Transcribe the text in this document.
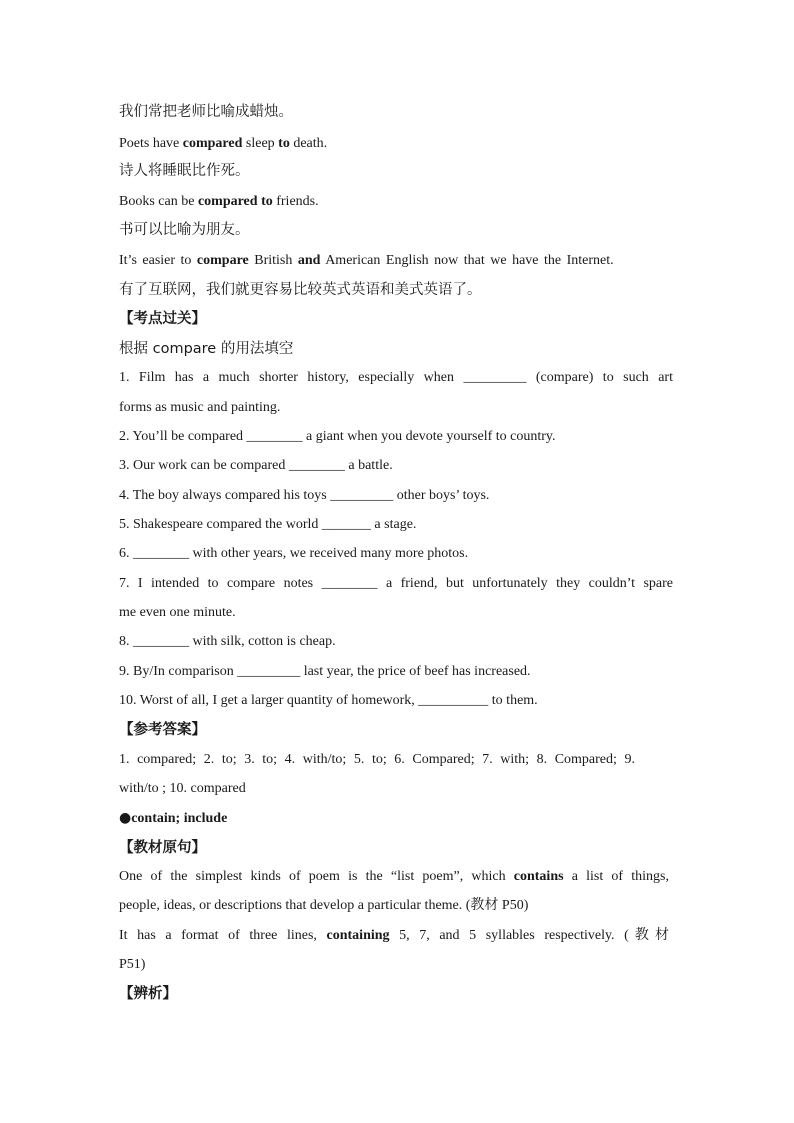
我们常把老师比喻成蜡烛。
Poets have compared sleep to death.
诗人将睡眠比作死。
Books can be compared to friends.
书可以比喻为朋友。
It’s easier to compare British and American English now that we have the Internet.
有了互联网，我们就更容易比较英式英语和美式英语了。
【考点过关】
根据 compare 的用法填空
1. Film has a much shorter history, especially when _________ (compare) to such art
forms as music and painting.
2. You’ll be compared ________ a giant when you devote yourself to country.
3. Our work can be compared ________ a battle.
4. The boy always compared his toys _________ other boys’ toys.
5. Shakespeare compared the world _______ a stage.
6. ________ with other years, we received many more photos.
7. I intended to compare notes ________ a friend, but unfortunately they couldn’t spare
me even one minute.
8. ________ with silk, cotton is cheap.
9. By/In comparison _________ last year, the price of beef has increased.
10. Worst of all, I get a larger quantity of homework, __________ to them.
【参考答案】
1. compared; 2. to; 3. to; 4. with/to; 5. to; 6. Compared; 7. with; 8. Compared; 9.
with/to ; 10. compared
●contain; include
【教材原句】
One of the simplest kinds of poem is the “list poem”, which contains a list of things,
people, ideas, or descriptions that develop a particular theme. (教材 P50)
It has a format of three lines, containing 5, 7, and 5 syllables respectively. (教材
P51)
【辨析】
